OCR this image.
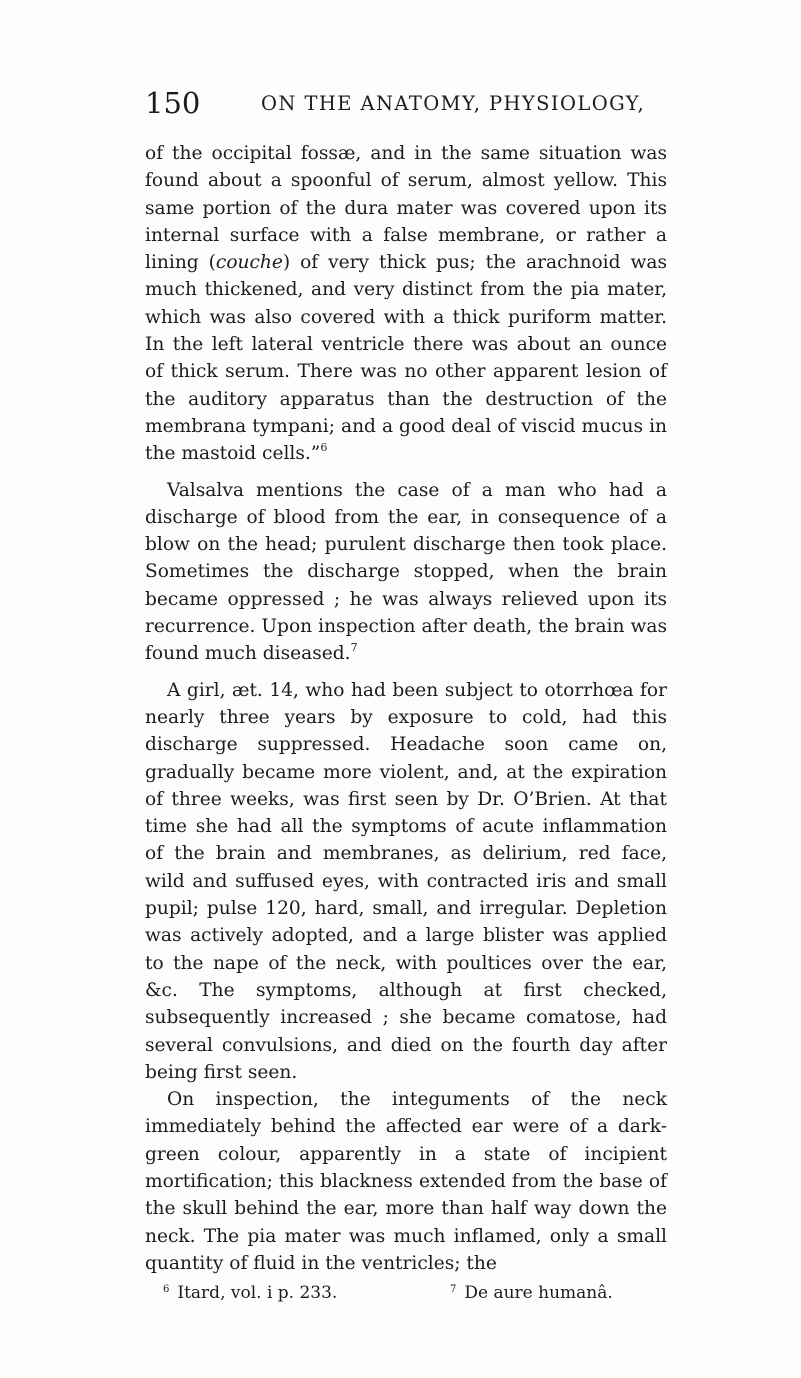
150	ON THE ANATOMY, PHYSIOLOGY,

of the occipital fossæ, and in the same situation was found about a spoonful of serum, almost yellow. This same portion of the dura mater was covered upon its internal surface with a false membrane, or rather a lining (couche) of very thick pus; the arachnoid was much thickened, and very distinct from the pia mater, which was also covered with a thick puriform matter. In the left lateral ventricle there was about an ounce of thick serum. There was no other apparent lesion of the auditory apparatus than the destruction of the membrana tympani; and a good deal of viscid mucus in the mastoid cells.”$^6$

Valsalva mentions the case of a man who had a discharge of blood from the ear, in consequence of a blow on the head; purulent discharge then took place. Sometimes the discharge stopped, when the brain became oppressed ; he was always relieved upon its recurrence. Upon inspection after death, the brain was found much diseased.$^7$

A girl, æt. 14, who had been subject to otorrhœa for nearly three years by exposure to cold, had this discharge suppressed. Headache soon came on, gradually became more violent, and, at the expiration of three weeks, was first seen by Dr. O’Brien. At that time she had all the symptoms of acute inflammation of the brain and membranes, as delirium, red face, wild and suffused eyes, with contracted iris and small pupil; pulse 120, hard, small, and irregular. Depletion was actively adopted, and a large blister was applied to the nape of the neck, with poultices over the ear, &c. The symptoms, although at first checked, subsequently increased ; she became comatose, had several convulsions, and died on the fourth day after being first seen.

On inspection, the integuments of the neck immediately behind the affected ear were of a dark-green colour, apparently in a state of incipient mortification; this blackness extended from the base of the skull behind the ear, more than half way down the neck. The pia mater was much inflamed, only a small quantity of fluid in the ventricles; the

$^6$ Itard, vol. i p. 233.	$^7$ De aure humanâ.
